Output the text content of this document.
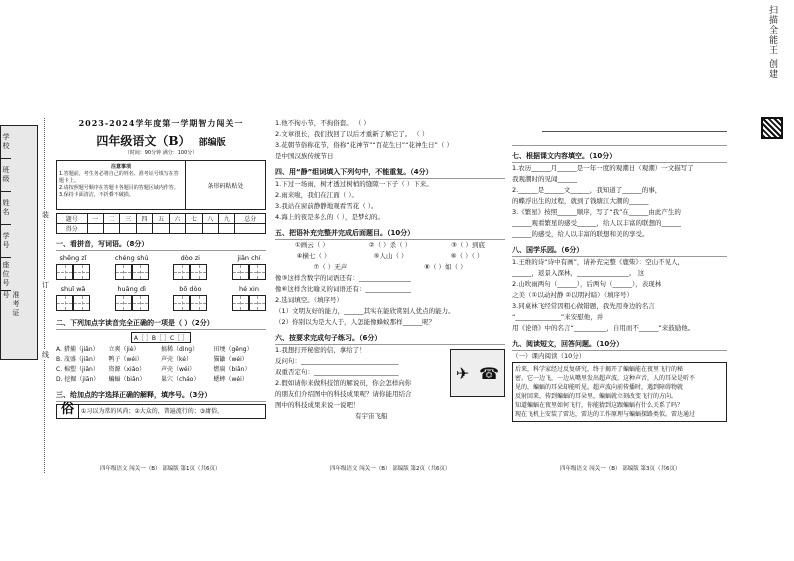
扫描全能王 创建
学校
班级
姓名
学号
座位号
准考证号
装
订
线
2023-2024学年度第一学期智力闯关一
四年级语文（B） 部编版
（时间：90分钟 满分：100分）
注意事项
1.答题前，考生务必将自己的姓名、准考证号填写在答题卡上。
2.请按照题号顺序在答题卡各题目的答题区域内作答。
3.保持卡面清洁，不折叠不破损。
条形码粘贴处
题号	一	二	三	四	五	六	七	八	九	总分
得分										
一、看拼音，写词语。（8分）
shēng zǐ	chéng shú	dòo zi	jiān chí
shuǐ wā	huāng dì	bō dòo	hé xin
二、下列加点字读音完全正确的一项是（ ）（2分）
A［ ］B［ ］C［ ］
A. 猎捕（jiān）	立爽（jiè）	搞稀（dìng）	田埂（gěng）
B. 茂盛（jiān）	鸭子（wéi）	声壳（ké）	猫鼬（wéi）
C. 棉塑（jiān）	资源（xiǎo）	声壳（wéi）	燃扁（biān）
D. 挖掘（jiān）	蝙蝠（biān）	巢穴（cháo）	蟋蟀（wéi）
三、给加点的字选择正确的解释，填序号。（3分）
俗	①习以为常的风尚；②大众的，普遍流行的；③庸俗。
四年级语文 闯关一（B） 部编版 第1页（共6页）
1.他不拘小节，不拘俗套。 （ ）
2.文章很长，我们找回了以后才重新了解它了。 （ ）
3.花朝节俗称花节，俗称“花神节”“百花生日”“花神生日”（ ）
是中国汉族传统节日
四、用“静”组词填入下列句中，不能重复。（4分）
1.下过一场雨，树才透过树梢的缝隙一下子（ ）下来。
2.雨来啦，我们在江面（ ）。
3.我站在窗前静静地观看雪花（ ）。
4.海上的夜是多么的（ ），是梦幻的。
五、把语补充完整并完成后面题目。（10分）
①画云（ ）	②（ ）杀（ ）	③（ ）到底
④横七（ ）	⑤人山（ ）	⑥（ ）（ ）
⑦（ ）无声	⑧（ ）如（ ）
像③这样含数字的词语还有：________________
像⑥这样含比喻义的词语还有：______________
2.选词填空。（填序号）
（1）文明友好的能力，______其实在能欣赏别人优点的能力。
（2）你别以为是大人于，人怎能像蜂蚁那样______呢？
六、按要求完成句子练习。（6分）
1.我想打开秘密的信，拿给了！
反问句：______________________________
双重否定句：__________________________
2.假如请你来做科技馆的解说员，你会怎样向你
的朋友们介绍图中的科技成果呢？请你能用结合
图中的科技成果来说一说吧！
有宇宙飞船
✈ ☎
四年级语文 闯关一（B） 部编版 第2页（共6页）
七、根据课文内容填空。（10分）
1.农历______月______是一年一度的观潮日（观潮）一文描写了
我观潮时的见闻______
2.______是______文______，我知道了______的事，
的蝶浮出生的过程，就到了钱塘江大潮的______
3.《繁星》按照______顺序，写了“我”在______由此产生的
______观看繁星的感受______，给人以丰富的联想的______
______的感受，给人以丰富的联想和美的享受。
八、国学乐园。（6分）
1.王维的诗“诗中有画”，请补充完整《鹿柴》：空山不见人，
______，返景入深林，________________。 这
2.山吹雨两句（______），后两句（______），表现林
之美（①以动衬静 ②以明衬暗）（填序号）
3.同桌林飞经常因粗心做错题，我先用身边的名言
“______________”来安慰他，并
用《论语》中的名言“__________，自用而不______”来鼓励他。
九、阅读短文，回答问题。（10分）
（一）课内阅读（10分）
后来，科学家经过反复研究，终于揭开了蝙蝠能在夜里飞行的秘
密。它一边飞，一边从嘴里发出超声波，这种声音，人的耳朵是听不
见的，蝙蝠的耳朵却能听见。超声波向前传播时，遇到障碍物就
反射回来，传到蝙蝠的耳朵里，蝙蝠就立刻改变飞行的方向。
知道蝙蝠在夜里如何飞行，你能猜到这跟蝙蝠有什么关系了吗？
现在飞机上安装了雷达，雷达的工作原理与蝙蝠探路类似。雷达通过
四年级语文 闯关一（B） 部编版 第3页（共6页）
